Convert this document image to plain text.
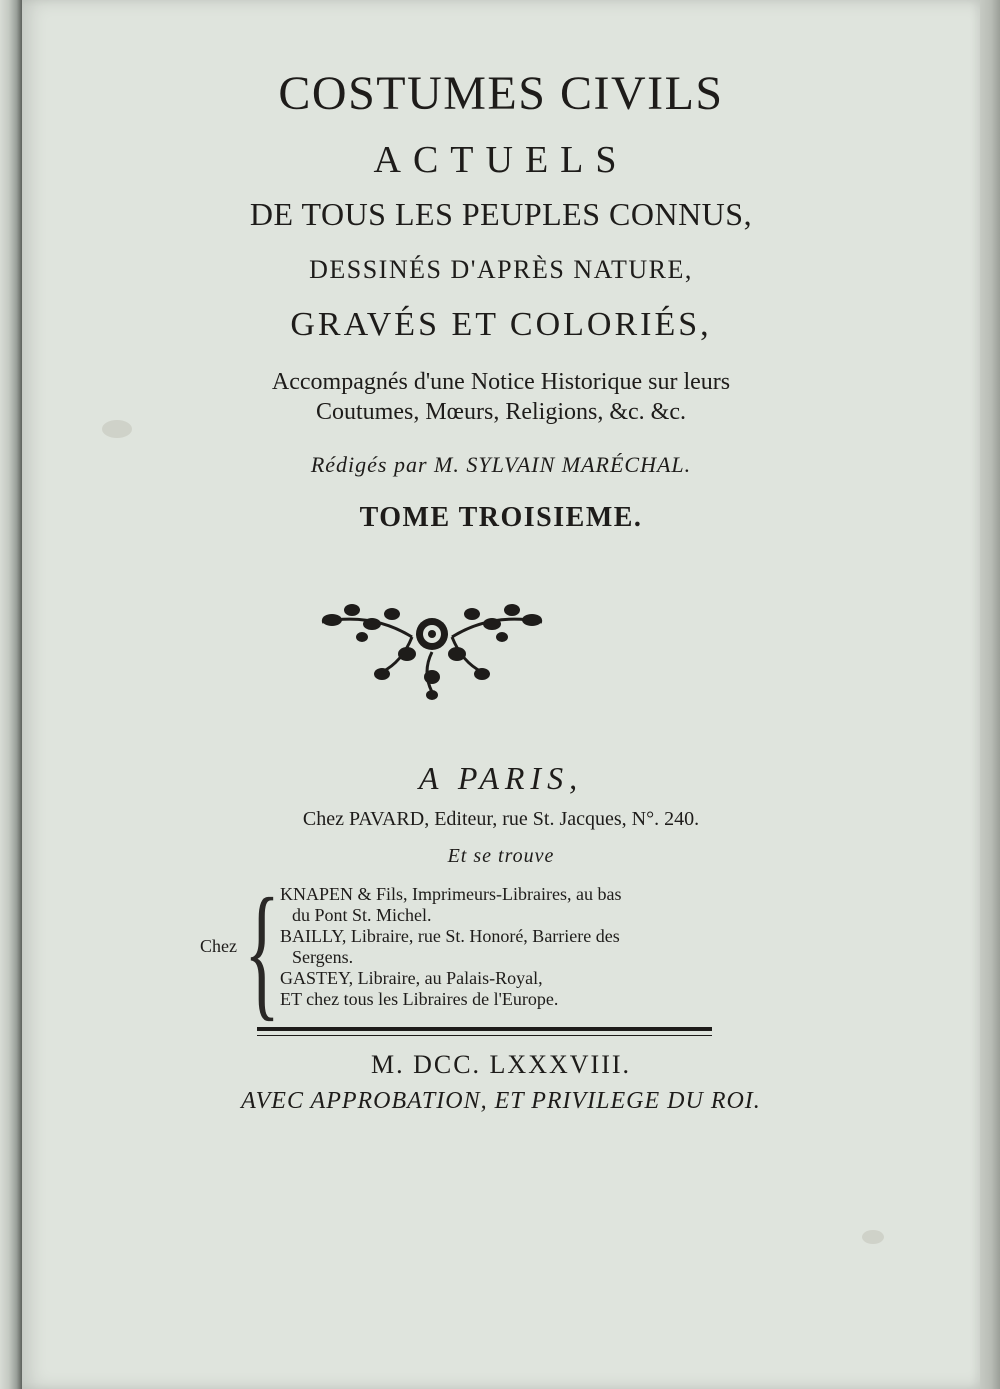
COSTUMES CIVILS
ACTUELS
DE TOUS LES PEUPLES CONNUS,
DESSINÉS D'APRÈS NATURE,
GRAVÉS ET COLORIÉS,
Accompagnés d'une Notice Historique sur leurs
Coutumes, Mœurs, Religions, &c. &c.
Rédigés par M. SYLVAIN MARÉCHAL.
TOME TROISIEME.
A PARIS,
Chez PAVARD, Editeur, rue St. Jacques, N°. 240.
Et se trouve
Chez { KNAPEN & Fils, Imprimeurs-Libraires, au bas
du Pont St. Michel.
BAILLY, Libraire, rue St. Honoré, Barriere des
Sergens.
GASTEY, Libraire, au Palais-Royal,
ET chez tous les Libraires de l'Europe.
M. DCC. LXXXVIII.
AVEC APPROBATION, ET PRIVILEGE DU ROI.
